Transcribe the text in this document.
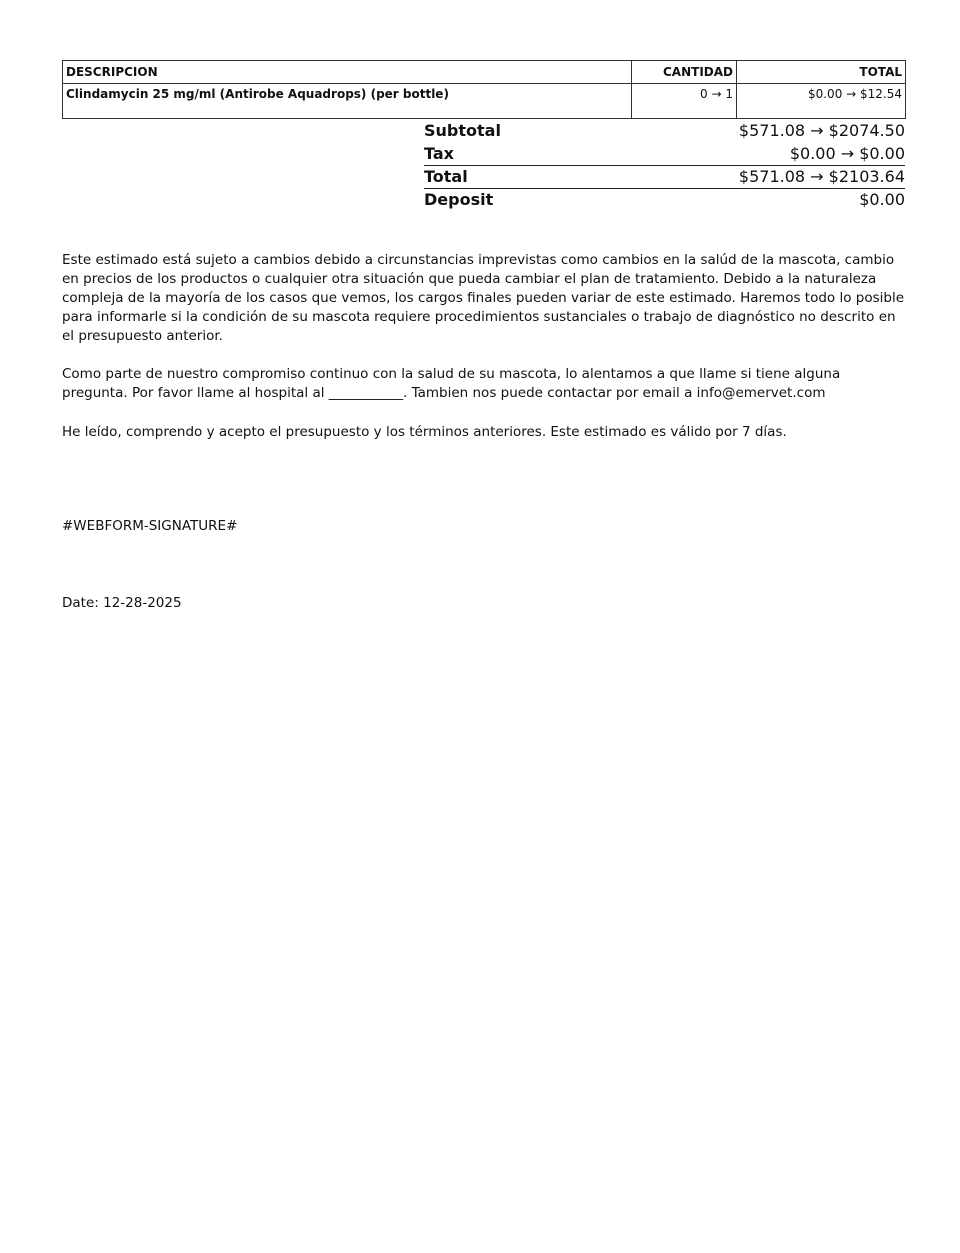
DESCRIPCION	CANTIDAD	TOTAL
Clindamycin 25 mg/ml (Antirobe Aquadrops) (per bottle)	0 → 1	$0.00 → $12.54
Subtotal	$571.08 → $2074.50
Tax	$0.00 → $0.00
Total	$571.08 → $2103.64
Deposit	$0.00

Este estimado está sujeto a cambios debido a circunstancias imprevistas como cambios en la salúd de la mascota, cambio en precios de los productos o cualquier otra situación que pueda cambiar el plan de tratamiento. Debido a la naturaleza compleja de la mayoría de los casos que vemos, los cargos finales pueden variar de este estimado. Haremos todo lo posible para informarle si la condición de su mascota requiere procedimientos sustanciales o trabajo de diagnóstico no descrito en el presupuesto anterior.

Como parte de nuestro compromiso continuo con la salud de su mascota, lo alentamos a que llame si tiene alguna pregunta. Por favor llame al hospital al ___________. Tambien nos puede contactar por email a info@emervet.com

He leído, comprendo y acepto el presupuesto y los términos anteriores. Este estimado es válido por 7 días.

#WEBFORM-SIGNATURE#
Date: 12-28-2025
